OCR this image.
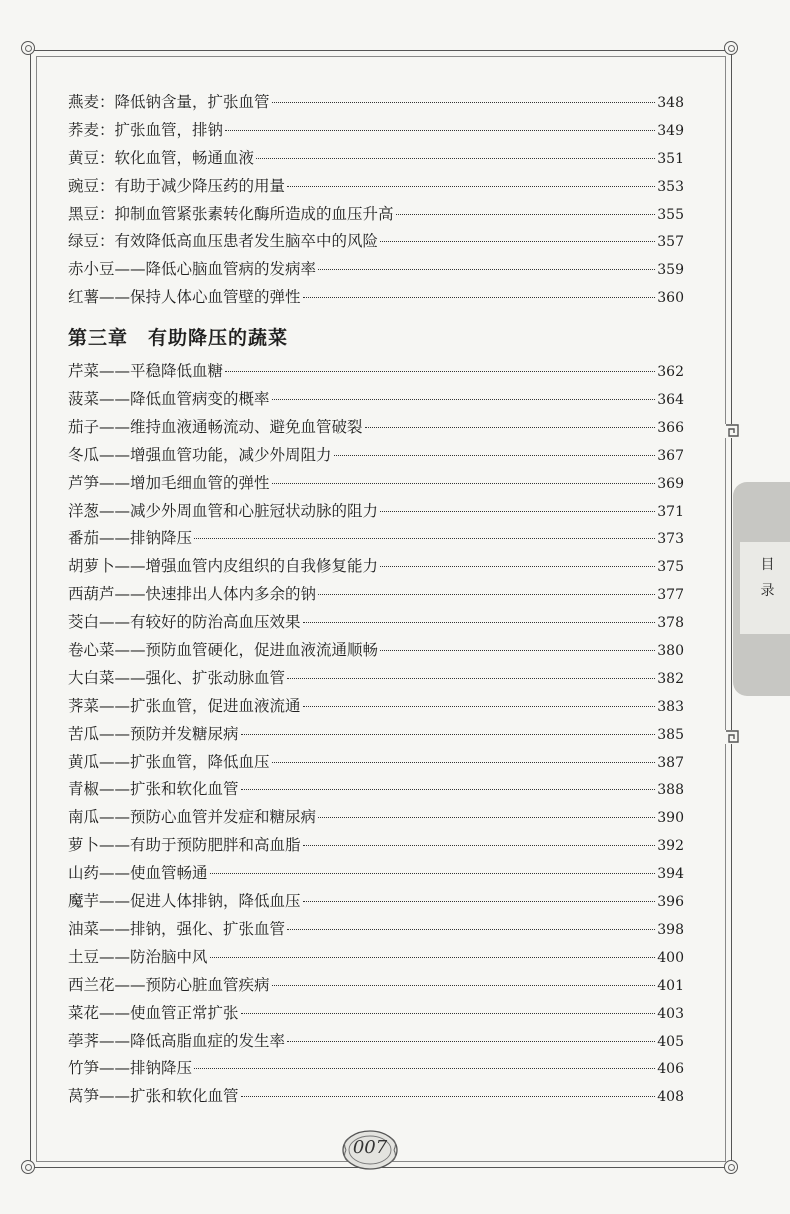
燕麦：降低钠含量，扩张血管	348
荞麦：扩张血管，排钠	349
黄豆：软化血管，畅通血液	351
豌豆：有助于减少降压药的用量	353
黑豆：抑制血管紧张素转化酶所造成的血压升高	355
绿豆：有效降低高血压患者发生脑卒中的风险	357
赤小豆——降低心脑血管病的发病率	359
红薯——保持人体心血管壁的弹性	360
第三章　有助降压的蔬菜
芹菜——平稳降低血糖	362
菠菜——降低血管病变的概率	364
茄子——维持血液通畅流动、避免血管破裂	366
冬瓜——增强血管功能，减少外周阻力	367
芦笋——增加毛细血管的弹性	369
洋葱——减少外周血管和心脏冠状动脉的阻力	371
番茄——排钠降压	373
胡萝卜——增强血管内皮组织的自我修复能力	375
西葫芦——快速排出人体内多余的钠	377
茭白——有较好的防治高血压效果	378
卷心菜——预防血管硬化，促进血液流通顺畅	380
大白菜——强化、扩张动脉血管	382
荠菜——扩张血管，促进血液流通	383
苦瓜——预防并发糖尿病	385
黄瓜——扩张血管，降低血压	387
青椒——扩张和软化血管	388
南瓜——预防心血管并发症和糖尿病	390
萝卜——有助于预防肥胖和高血脂	392
山药——使血管畅通	394
魔芋——促进人体排钠，降低血压	396
油菜——排钠，强化、扩张血管	398
土豆——防治脑中风	400
西兰花——预防心脏血管疾病	401
菜花——使血管正常扩张	403
荸荠——降低高脂血症的发生率	405
竹笋——排钠降压	406
莴笋——扩张和软化血管	408
目
录
007
